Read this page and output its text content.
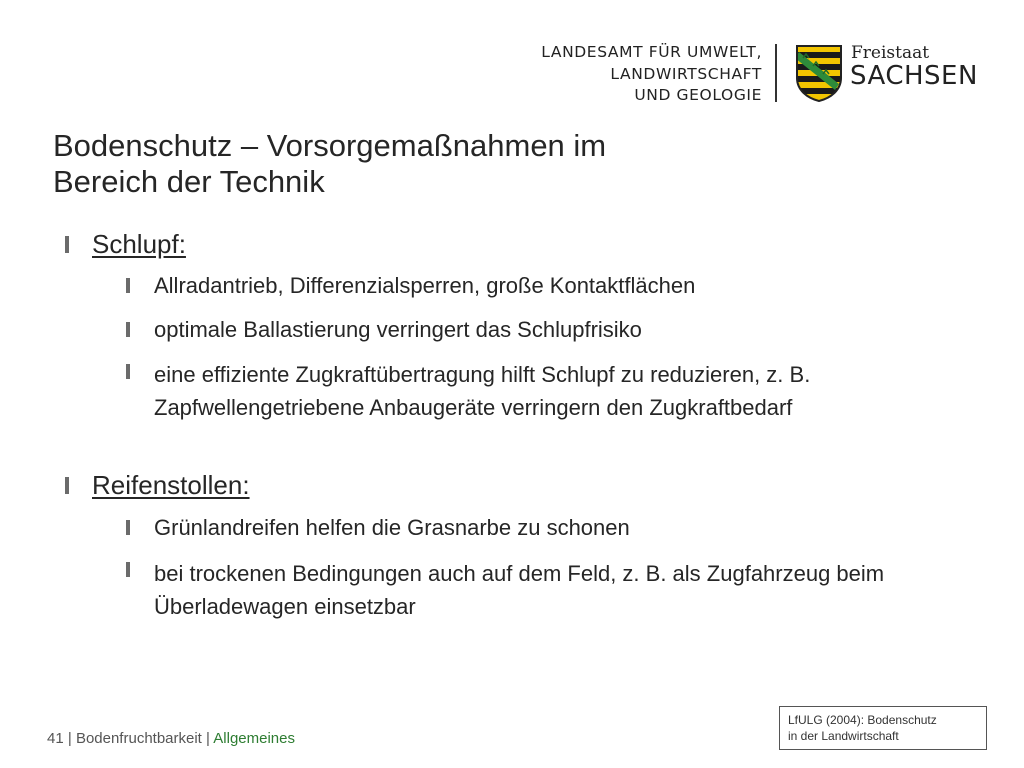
LANDESAMT FÜR UMWELT,
LANDWIRTSCHAFT
UND GEOLOGIE
Freistaat
SACHSEN
Bodenschutz – Vorsorgemaßnahmen im
Bereich der Technik
Schlupf:
Allradantrieb, Differenzialsperren, große Kontaktflächen
optimale Ballastierung verringert das Schlupfrisiko
eine effiziente Zugkraftübertragung hilft Schlupf zu reduzieren, z. B. Zapfwellengetriebene Anbaugeräte verringern den Zugkraftbedarf
Reifenstollen:
Grünlandreifen helfen die Grasnarbe zu schonen
bei trockenen Bedingungen auch auf dem Feld, z. B. als Zugfahrzeug beim Überladewagen einsetzbar
41 | Bodenfruchtbarkeit | Allgemeines
LfULG (2004): Bodenschutz
in der Landwirtschaft
